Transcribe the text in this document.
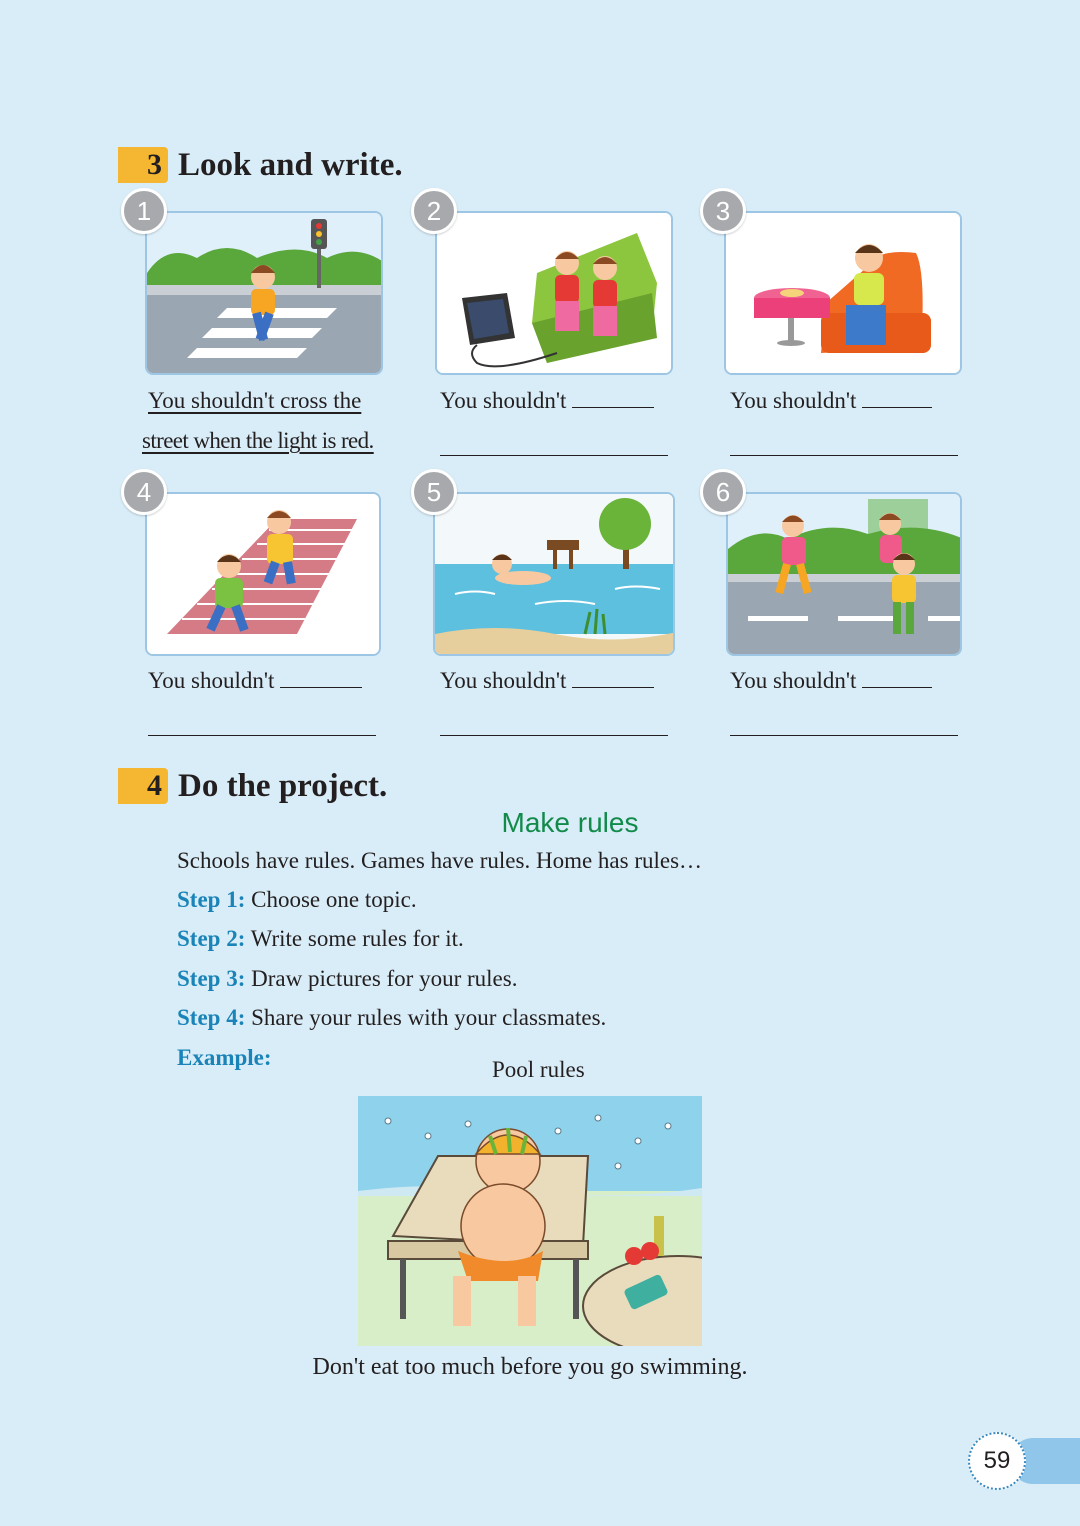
3 Look and write.
1
You shouldn't cross the
street when the light is red.
2
You shouldn't
3
You shouldn't
4
You shouldn't
5
You shouldn't
6
You shouldn't
4 Do the project.
Make rules
Schools have rules. Games have rules. Home has rules…
Step 1: Choose one topic.
Step 2: Write some rules for it.
Step 3: Draw pictures for your rules.
Step 4: Share your rules with your classmates.
Example:	Pool rules
Don't eat too much before you go swimming.
59
